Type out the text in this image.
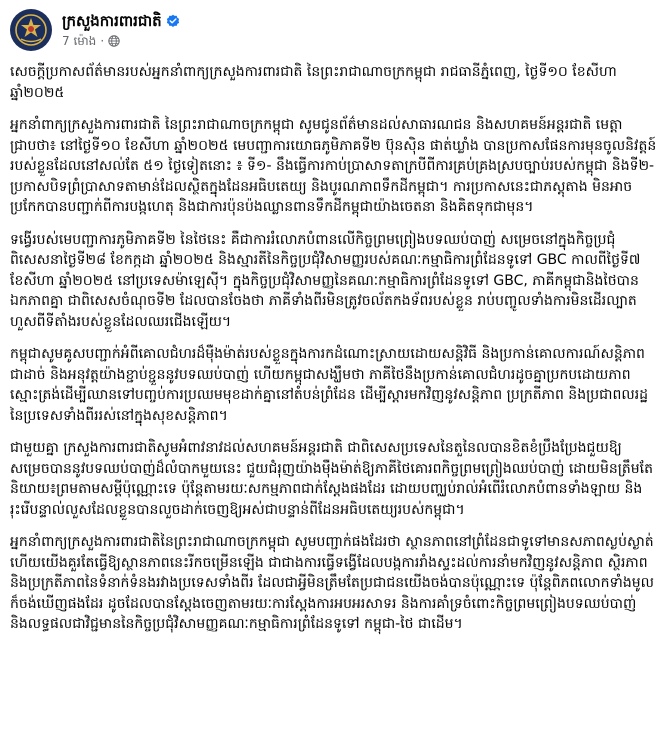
ក្រសួងការពារជាតិ
7 ម៉ោង ·

សេចក្តីប្រកាសព័ត៌មានរបស់អ្នកនាំពាក្យក្រសួងការពារជាតិ នៃព្រះរាជាណាចក្រកម្ពុជា រាជធានីភ្នំពេញ, ថ្ងៃទី១០ ខែសីហា ឆ្នាំ២០២៥

អ្នកនាំពាក្យក្រសួងការពារជាតិ នៃព្រះរាជាណាចក្រកម្ពុជា សូមជូនព័ត៌មានដល់សាធារណជន និងសហគមន៍អន្តរជាតិ មេត្តាជ្រាបថា៖ នៅថ្ងៃទី១០ ខែសីហា ឆ្នាំ២០២៥ មេបញ្ជាការយោធភូមិភាគទី២ ប៊ុនស៊ិន ផាត់ឃ្លាំង បានប្រកាសផែនការមុនចូលនិវត្តន៍របស់ខ្លួនដែលនៅសល់តែ ៥១ ថ្ងៃទៀតនោះ ៖ ទី១- នឹងធ្វើការកាប់ប្រាសាទតាក្របីពីការគ្រប់គ្រងស្របច្បាប់របស់កម្ពុជា និងទី២-ប្រកាសបិទព្រំប្រាសាទតាមាន់ដែលស្ថិតក្នុងដែនអធិបតេយ្យ និងបូរណភាពទឹកដីកម្ពុជា។ ការប្រកាសនេះជាភស្តុតាង មិនអាចប្រកែកបានបញ្ជាក់ពីការបង្កហេតុ និងជាការប៉ុនប៉ងឈ្លានពានទឹកដីកម្ពុជាយ៉ាងចេតនា និងគិតទុកជាមុន។

ទង្វើរបស់មេបញ្ជាការភូមិភាគទី២ នៃថៃនេះ គឺជាការរំលោភបំពានលើកិច្ចព្រមព្រៀងបទឈប់បាញ់ សម្រេចនៅក្នុងកិច្ចប្រជុំពិសេសនាថ្ងៃទី២៨ ខែកក្កដា ឆ្នាំ២០២៥ និងស្មារតីនៃកិច្ចប្រជុំវិសាមញ្ញរបស់គណៈកម្មាធិការព្រំដែនទូទៅ GBC កាលពីថ្ងៃទី៧ ខែសីហា ឆ្នាំ២០២៥ នៅប្រទេសម៉ាឡេស៊ី។ ក្នុងកិច្ចប្រជុំវិសាមញ្ញនៃគណៈកម្មាធិការព្រំដែនទូទៅ GBC, ភាគីកម្ពុជានិងថៃបានឯកភាពគ្នា ជាពិសេសចំណុចទី២ ដែលបានចែងថា ភាគីទាំងពីរមិនត្រូវចល័តកងទ័ពរបស់ខ្លួន រាប់បញ្ចូលទាំងការមិនដើរល្បាតហួសពីទីតាំងរបស់ខ្លួនដែលឈរជើងឡើយ។

កម្ពុជាសូមគូសបញ្ជាក់អំពីគោលជំហរដ៏ម៉ឺងម៉ាត់របស់ខ្លួនក្នុងការកដំណោះស្រាយដោយសន្តិវិធី និងប្រកាន់គោលការណ៍សន្តិភាពជាដាច់ និងអនុវត្តយ៉ាងខ្ជាប់ខ្ជួននូវបទឈប់បាញ់ ហើយកម្ពុជាសង្ឃឹមថា ភាគីថៃនឹងប្រកាន់គោលជំហរដូចគ្នាប្រកបដោយភាពស្មោះត្រង់ដើម្បីឈានទៅបញ្ចប់ការប្រឈមមុខដាក់គ្នានៅតំបន់ព្រំដែន ដើម្បីស្តារមកវិញនូវសន្តិភាព ប្រក្រតីភាព និងប្រជាពលរដ្ឋនៃប្រទេសទាំងពីររស់នៅក្នុងសុខសន្តិភាព។

ជាមួយគ្នា ក្រសួងការពារជាតិសូមអំពាវនាវដល់សហគមន៍អន្តរជាតិ ជាពិសេសប្រទេសនៃតួនៃលបានខិតខំប្រឹងប្រែងជួយឱ្យសម្រេចបាននូវបទឈប់បាញ់ដ៏លំបាកមួយនេះ ជួយជំរុញយ៉ាងម៉ឺងម៉ាត់ឱ្យភាគីថៃគោរពកិច្ចព្រមព្រៀងឈប់បាញ់ ដោយមិនត្រឹមតែនិយាយ៖ព្រមតាមសម្តីប៉ុណ្ណោះទេ ប៉ុន្តែតាមរយៈសកម្មភាពជាក់ស្តែងផងដែរ ដោយបញ្ឈប់រាល់អំពើរំលោភបំពានទាំងឡាយ និងរុះរើបន្ទាល់លួសដែលខ្លួនបានលួចដាក់ចេញឱ្យអស់ជាបន្ទាន់ពីដែនអធិបតេយ្យរបស់កម្ពុជា។

អ្នកនាំពាក្យក្រសួងការពារជាតិនៃព្រះរាជាណាចក្រកម្ពុជា សូមបញ្ជាក់ផងដែរថា ស្ថានភាពនៅព្រំដែនជាទូទៅមានសភាពស្ងប់ស្ងាត់ ហើយយើងគួរតែធ្វើឱ្យស្ថានភាពនេះរីកចម្រើនឡើង ជាជាងការធ្វើទង្វើដែលបង្កការរាំងស្ទះដល់ការនាំមកវិញនូវសន្តិភាព ស្ថិរភាព និងប្រក្រតីភាពនៃទំនាក់ទំនងរវាងប្រទេសទាំងពីរ ដែលជាអ្វីមិនត្រឹមតែប្រជាជនយើងចង់បានប៉ុណ្ណោះទេ ប៉ុន្តែពិភពលោកទាំងមូលក៏ចង់ឃើញផងដែរ ដូចដែលបានស្តែងចេញតាមរយៈការស្តែងការអបអរសាទរ និងការគាំទ្រចំពោះកិច្ចព្រមព្រៀងបទឈប់បាញ់ និងលទ្ធផលជាវិជ្ជមាននៃកិច្ចប្រជុំវិសាមញ្ញគណៈកម្មាធិការព្រំដែនទូទៅ កម្ពុជា-ថៃ ជាដើម។
